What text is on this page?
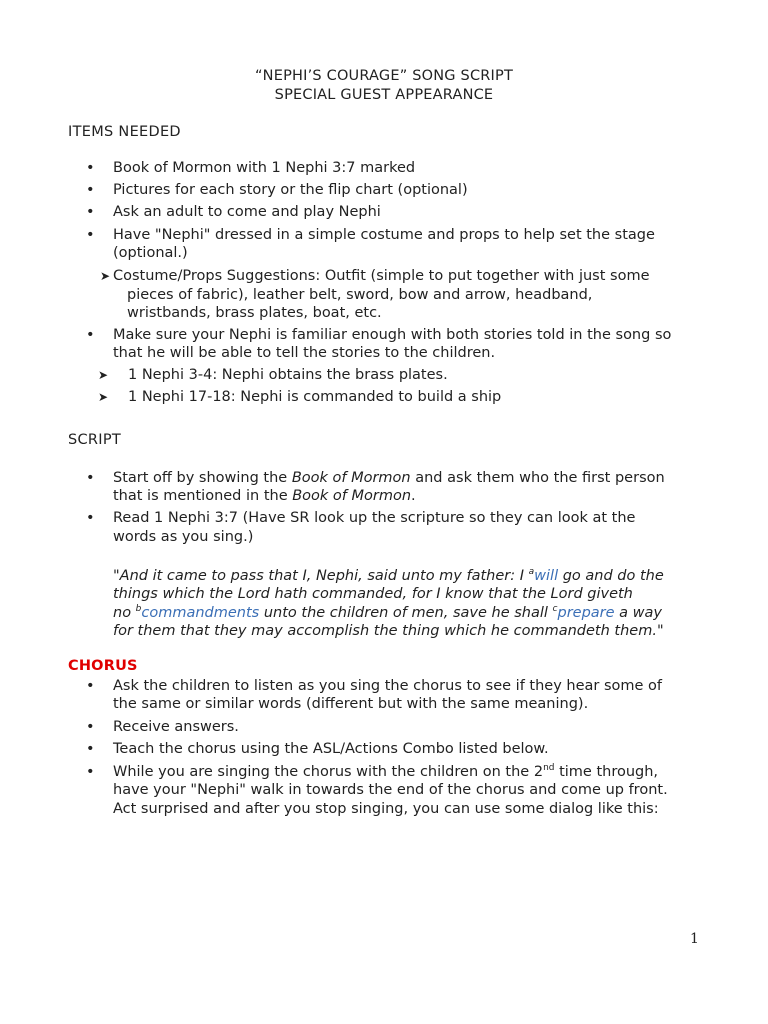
“NEPHI’S COURAGE” SONG SCRIPT
SPECIAL GUEST APPEARANCE
ITEMS NEEDED
• Book of Mormon with 1 Nephi 3:7 marked
• Pictures for each story or the flip chart (optional)
• Ask an adult to come and play Nephi
• Have "Nephi" dressed in a simple costume and props to help set the stage
(optional.)
➤ Costume/Props Suggestions: Outfit (simple to put together with just some
pieces of fabric), leather belt, sword, bow and arrow, headband,
wristbands, brass plates, boat, etc.
• Make sure your Nephi is familiar enough with both stories told in the song so
that he will be able to tell the stories to the children.
➤ 1 Nephi 3-4: Nephi obtains the brass plates.
➤ 1 Nephi 17-18: Nephi is commanded to build a ship
SCRIPT
• Start off by showing the Book of Mormon and ask them who the first person
that is mentioned in the Book of Mormon.
• Read 1 Nephi 3:7 (Have SR look up the scripture so they can look at the
words as you sing.)
"And it came to pass that I, Nephi, said unto my father: I $^a$will go and do the
things which the Lord hath commanded, for I know that the Lord giveth
no $^b$commandments unto the children of men, save he shall $^c$prepare a way
for them that they may accomplish the thing which he commandeth them."
CHORUS
• Ask the children to listen as you sing the chorus to see if they hear some of
the same or similar words (different but with the same meaning).
• Receive answers.
• Teach the chorus using the ASL/Actions Combo listed below.
• While you are singing the chorus with the children on the 2nd time through,
have your "Nephi" walk in towards the end of the chorus and come up front.
Act surprised and after you stop singing, you can use some dialog like this:
1
